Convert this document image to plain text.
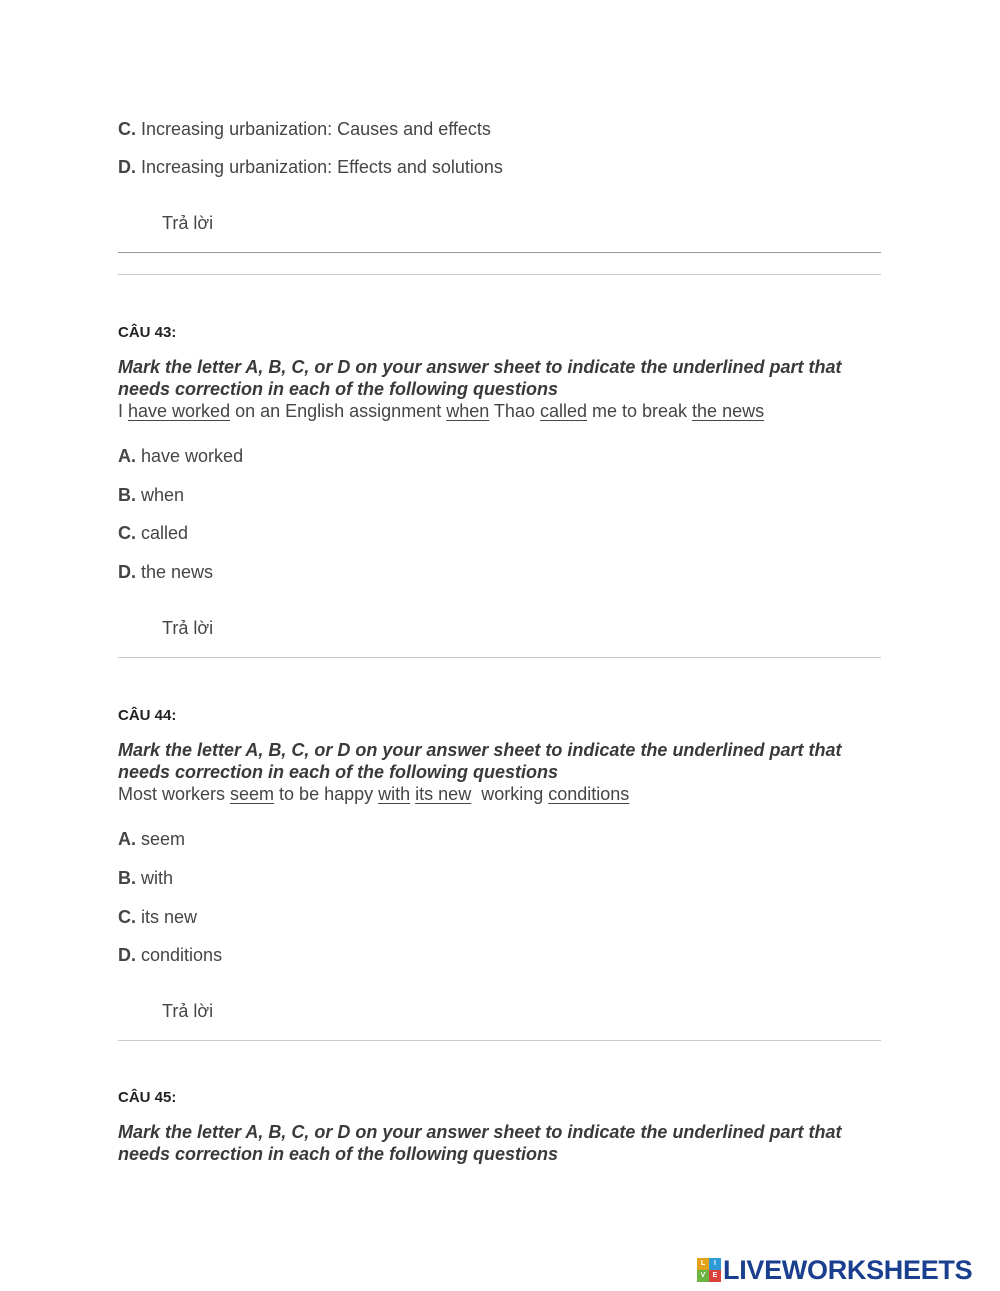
C. Increasing urbanization: Causes and effects
D. Increasing urbanization: Effects and solutions
Trả lời
CÂU 43:
Mark the letter A, B, C, or D on your answer sheet to indicate the underlined part that needs correction in each of the following questions
I have worked on an English assignment when Thao called me to break the news
A. have worked
B. when
C. called
D. the news
Trả lời
CÂU 44:
Mark the letter A, B, C, or D on your answer sheet to indicate the underlined part that needs correction in each of the following questions
Most workers seem to be happy with its new  working conditions
A. seem
B. with
C. its new
D. conditions
Trả lời
CÂU 45:
Mark the letter A, B, C, or D on your answer sheet to indicate the underlined part that needs correction in each of the following questions
L	I
V	E LIVEWORKSHEETS
